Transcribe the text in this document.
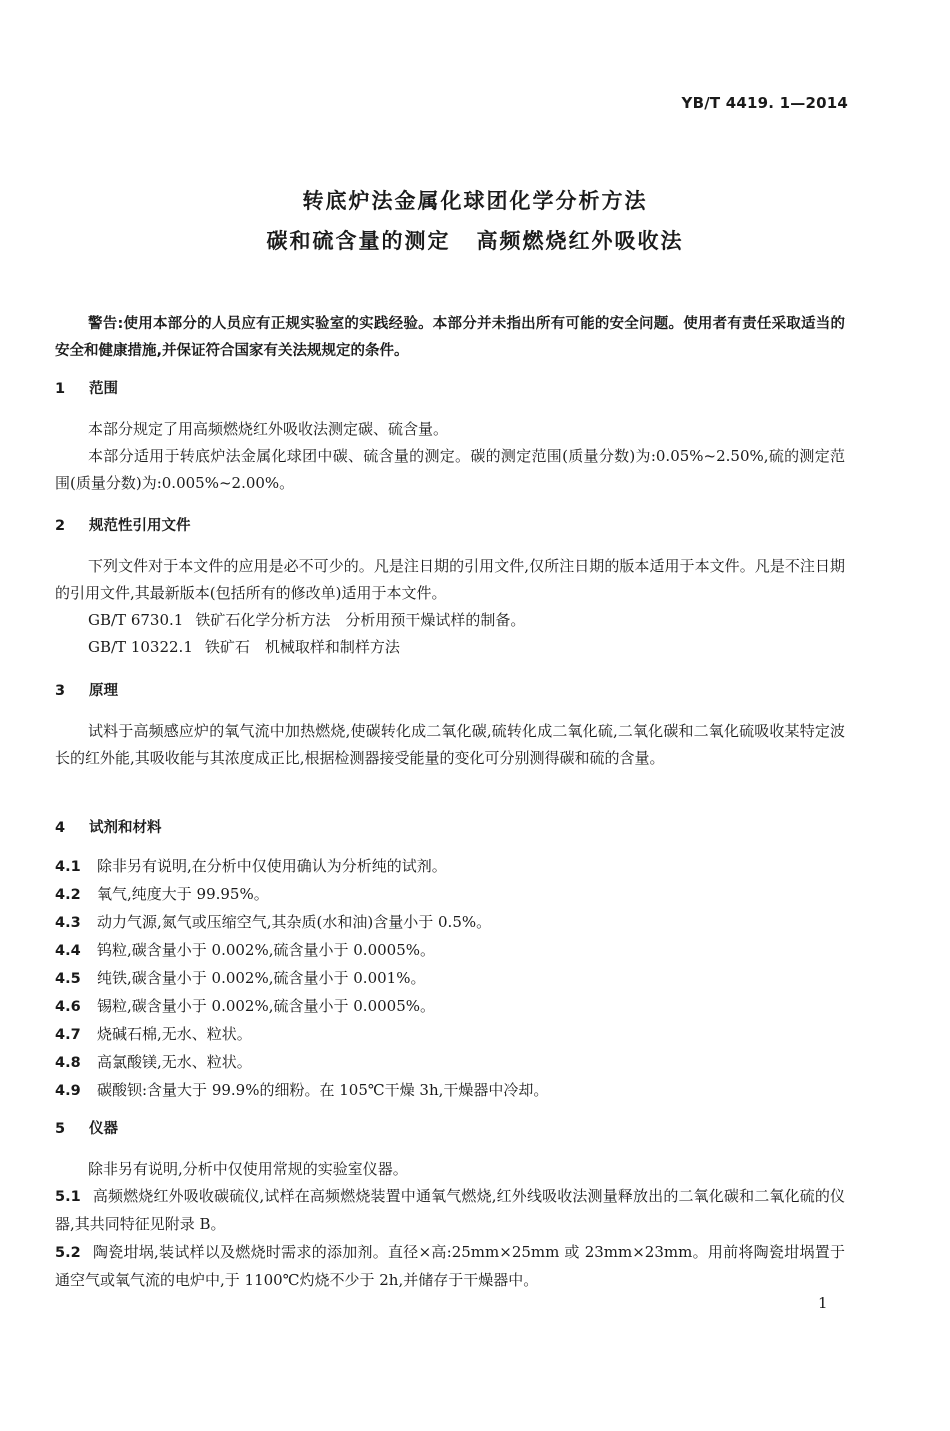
YB/T 4419. 1—2014
转底炉法金属化球团化学分析方法
碳和硫含量的测定 高频燃烧红外吸收法
警告:使用本部分的人员应有正规实验室的实践经验。本部分并未指出所有可能的安全问题。使用者有责任采取适当的安全和健康措施,并保证符合国家有关法规规定的条件。
1 范围
本部分规定了用高频燃烧红外吸收法测定碳、硫含量。
本部分适用于转底炉法金属化球团中碳、硫含量的测定。碳的测定范围(质量分数)为:0.05%~2.50%,硫的测定范围(质量分数)为:0.005%~2.00%。
2 规范性引用文件
下列文件对于本文件的应用是必不可少的。凡是注日期的引用文件,仅所注日期的版本适用于本文件。凡是不注日期的引用文件,其最新版本(包括所有的修改单)适用于本文件。
GB/T 6730.1 铁矿石化学分析方法　分析用预干燥试样的制备。
GB/T 10322.1 铁矿石　机械取样和制样方法
3 原理
试料于高频感应炉的氧气流中加热燃烧,使碳转化成二氧化碳,硫转化成二氧化硫,二氧化碳和二氧化硫吸收某特定波长的红外能,其吸收能与其浓度成正比,根据检测器接受能量的变化可分别测得碳和硫的含量。
4 试剂和材料
4.1 除非另有说明,在分析中仅使用确认为分析纯的试剂。
4.2 氧气,纯度大于 99.95%。
4.3 动力气源,氮气或压缩空气,其杂质(水和油)含量小于 0.5%。
4.4 钨粒,碳含量小于 0.002%,硫含量小于 0.0005%。
4.5 纯铁,碳含量小于 0.002%,硫含量小于 0.001%。
4.6 锡粒,碳含量小于 0.002%,硫含量小于 0.0005%。
4.7 烧碱石棉,无水、粒状。
4.8 高氯酸镁,无水、粒状。
4.9 碳酸钡:含量大于 99.9%的细粉。在 105℃干燥 3h,干燥器中冷却。
5 仪器
除非另有说明,分析中仅使用常规的实验室仪器。
5.1 高频燃烧红外吸收碳硫仪,试样在高频燃烧装置中通氧气燃烧,红外线吸收法测量释放出的二氧化碳和二氧化硫的仪器,其共同特征见附录 B。
5.2 陶瓷坩埚,装试样以及燃烧时需求的添加剂。直径×高:25mm×25mm 或 23mm×23mm。用前将陶瓷坩埚置于通空气或氧气流的电炉中,于 1100℃灼烧不少于 2h,并储存于干燥器中。
1
